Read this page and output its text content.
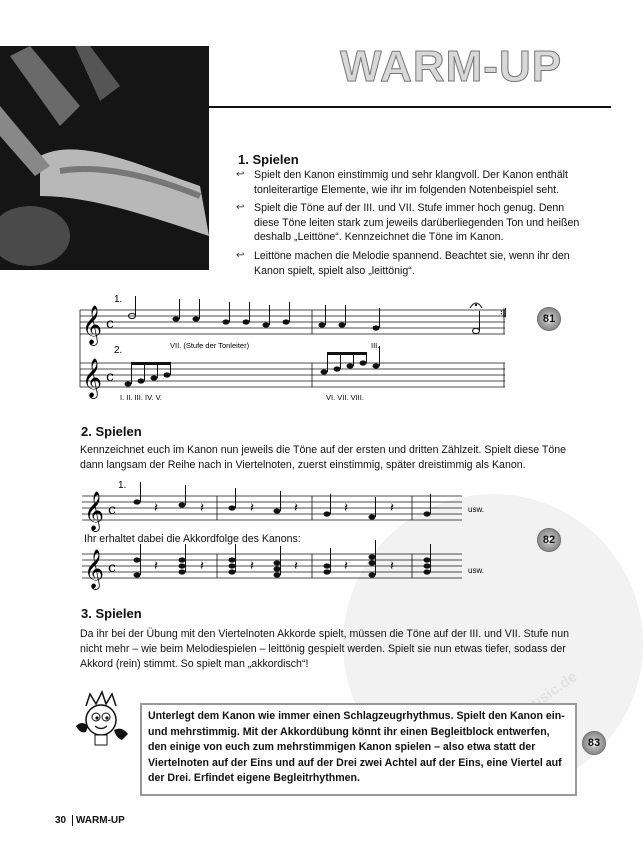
WARM-UP
1. Spielen
↩ Spielt den Kanon einstimmig und sehr klangvoll. Der Kanon enthält tonleiterartige Elemente, wie ihr im folgenden Notenbeispiel seht.
↩ Spielt die Töne auf der III. und VII. Stufe immer hoch genug. Denn diese Töne leiten stark zum jeweils darüberliegenden Ton und heißen deshalb „Leittöne“. Kennzeichnet die Töne im Kanon.
↩ Leittöne machen die Melodie spannend. Beachtet sie, wenn ihr den Kanon spielt, spielt also „leittönig“.
𝄞
𝄞
c
c
𝄇
1.
2.	VII. (Stufe der Tonleiter)	III.
I. II. III. IV. V.	VI. VII. VIII.
81
2. Spielen
Kennzeichnet euch im Kanon nun jeweils die Töne auf der ersten und dritten Zählzeit. Spielt diese Töne dann langsam der Reihe nach in Viertelnoten, zuerst einstimmig, später dreistimmig als Kanon.
𝄞
𝄞
c
c
𝄽	𝄽	𝄽	𝄽	𝄽	𝄽
𝄽	𝄽	𝄽	𝄽	𝄽	𝄽
1.
usw.
usw.
Ihr erhaltet dabei die Akkordfolge des Kanons:	82
3. Spielen
Da ihr bei der Übung mit den Viertelnoten Akkorde spielt, müssen die Töne auf der III. und VII. Stufe nun nicht mehr – wie beim Melodiespielen – leittönig gespielt werden. Spielt sie nun etwas tiefer, sodass der Akkord (rein) stimmt. So spielt man „akkordisch“!

Unterlegt dem Kanon wie immer einen Schlagzeugrhythmus. Spielt den Kanon ein- und mehrstimmig. Mit der Akkordübung könnt ihr einen Begleitblock entwerfen, den einige von euch zum mehrstimmigen Kanon spielen – also etwa statt der Viertelnoten auf der Eins und auf der Drei zwei Achtel auf der Eins, eine Viertel auf der Drei. Erfindet eigene Begleitrhythmen.

83
30 WARM-UP
